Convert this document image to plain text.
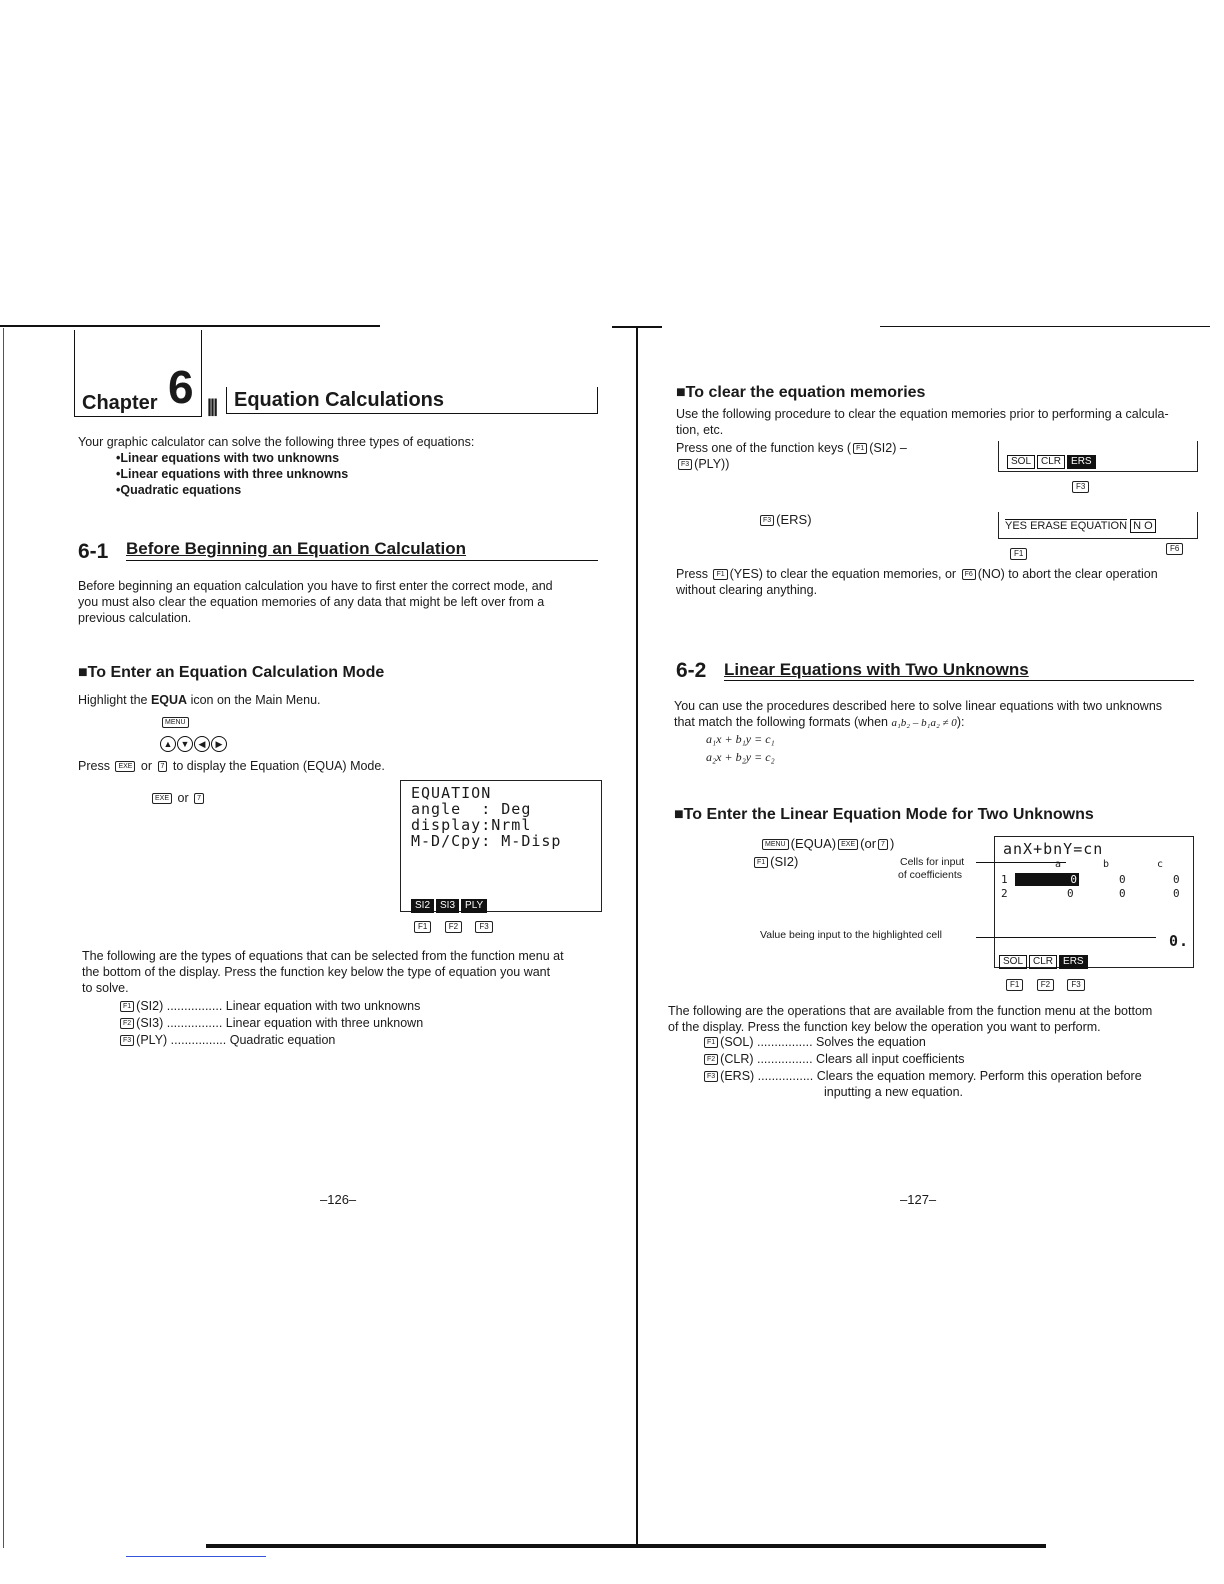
Chapter 6 ||| Equation Calculations
Your graphic calculator can solve the following three types of equations:
•Linear equations with two unknowns
•Linear equations with three unknowns
•Quadratic equations
6-1 Before Beginning an Equation Calculation
Before beginning an equation calculation you have to first enter the correct mode, and
you must also clear the equation memories of any data that might be left over from a
previous calculation.
■To Enter an Equation Calculation Mode
Highlight the EQUA icon on the Main Menu.
MENU
▲ ▼ ◀ ▶
Press EXE or 7 to display the Equation (EQUA) Mode.
EXE or 7	EQUATION
angle  : Deg
display:Nrml
M-D/Cpy: M-Disp
SI2 SI3 PLY
F1	F2	F3
The following are the types of equations that can be selected from the function menu at
the bottom of the display. Press the function key below the type of equation you want
to solve.
F1 (SI2) ................ Linear equation with two unknowns
F2 (SI3) ................ Linear equation with three unknown
F3 (PLY) ................ Quadratic equation
–126–
■To clear the equation memories
Use the following procedure to clear the equation memories prior to performing a calcula-
tion, etc.
Press one of the function keys ( F1 (SI2) –
F3 (PLY))	SOL CLR ERS
F3
F3 (ERS)	YES ERASE EQUATION N O
F1
F6
Press F1 (YES) to clear the equation memories, or F6 (NO) to abort the clear operation
without clearing anything.
6-2 Linear Equations with Two Unknowns
You can use the procedures described here to solve linear equations with two unknowns
that match the following formats (when a₁b₂ – b₁a₂ ≠ 0):
a₁x + b₁y = c₁
a₂x + b₂y = c₂
■To Enter the Linear Equation Mode for Two Unknowns
MENU (EQUA) EXE (or 7 )
F1 (SI2)	Cells for input
of coefficients
Value being input to the highlighted cell
anX+bnY=cn
a	b	c
1	0	0	0
2	0	0	0
0.
SOL CLR ERS
F1	F2	F3
The following are the operations that are available from the function menu at the bottom
of the display. Press the function key below the operation you want to perform.
F1 (SOL) ................ Solves the equation
F2 (CLR) ................ Clears all input coefficients
F3 (ERS) ................ Clears the equation memory. Perform this operation before
inputting a new equation.
–127–
